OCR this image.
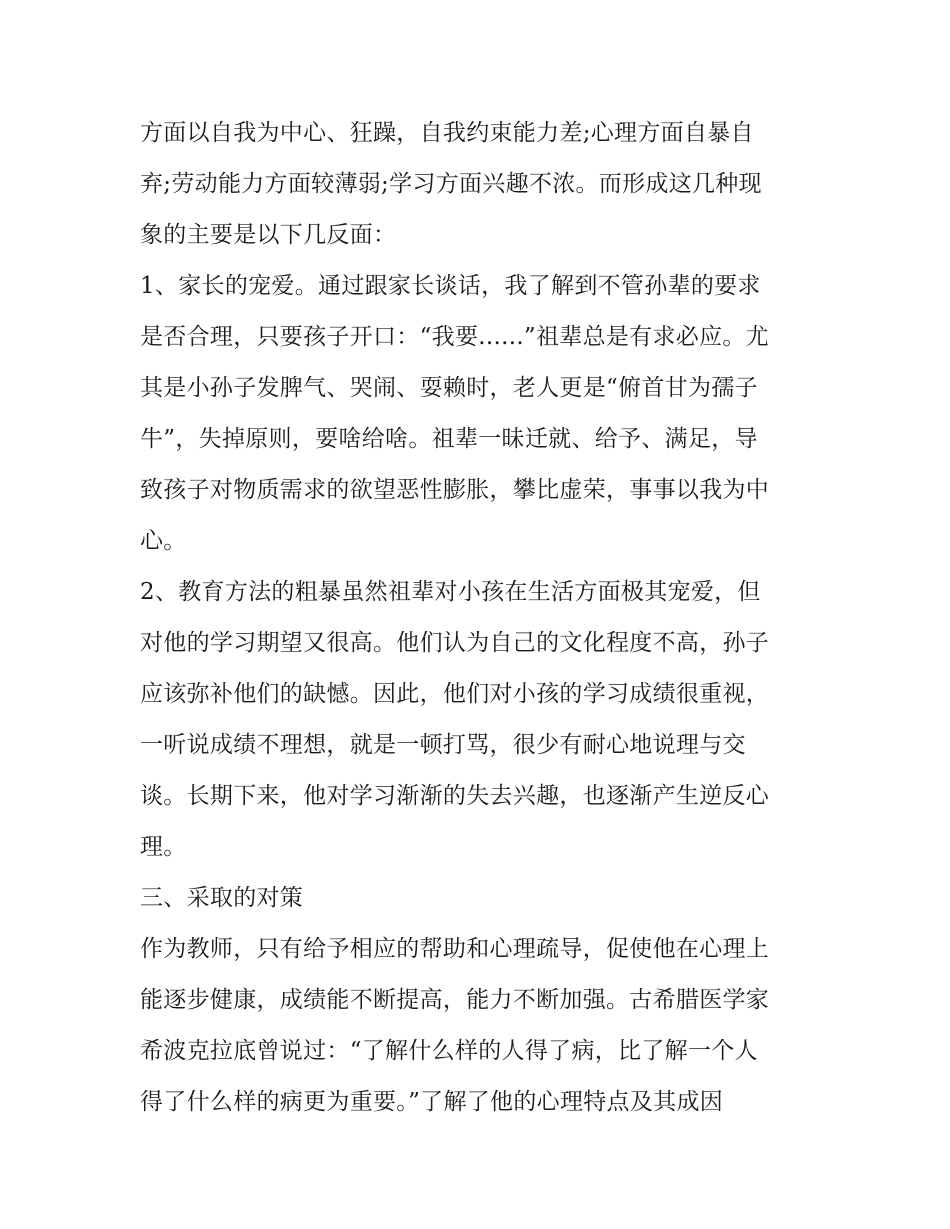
方面以自我为中心、狂躁，自我约束能力差;心理方面自暴自
弃;劳动能力方面较薄弱;学习方面兴趣不浓。而形成这几种现
象的主要是以下几反面：
1、家长的宠爱。通过跟家长谈话，我了解到不管孙辈的要求
是否合理，只要孩子开口：“我要......”祖辈总是有求必应。尤
其是小孙子发脾气、哭闹、耍赖时，老人更是“俯首甘为孺子
牛”，失掉原则，要啥给啥。祖辈一昧迁就、给予、满足，导
致孩子对物质需求的欲望恶性膨胀，攀比虚荣，事事以我为中
心。
2、教育方法的粗暴虽然祖辈对小孩在生活方面极其宠爱，但
对他的学习期望又很高。他们认为自己的文化程度不高，孙子
应该弥补他们的缺憾。因此，他们对小孩的学习成绩很重视，
一听说成绩不理想，就是一顿打骂，很少有耐心地说理与交
谈。长期下来，他对学习渐渐的失去兴趣，也逐渐产生逆反心
理。
三、采取的对策
作为教师，只有给予相应的帮助和心理疏导，促使他在心理上
能逐步健康，成绩能不断提高，能力不断加强。古希腊医学家
希波克拉底曾说过：“了解什么样的人得了病，比了解一个人
得了什么样的病更为重要。”了解了他的心理特点及其成因
